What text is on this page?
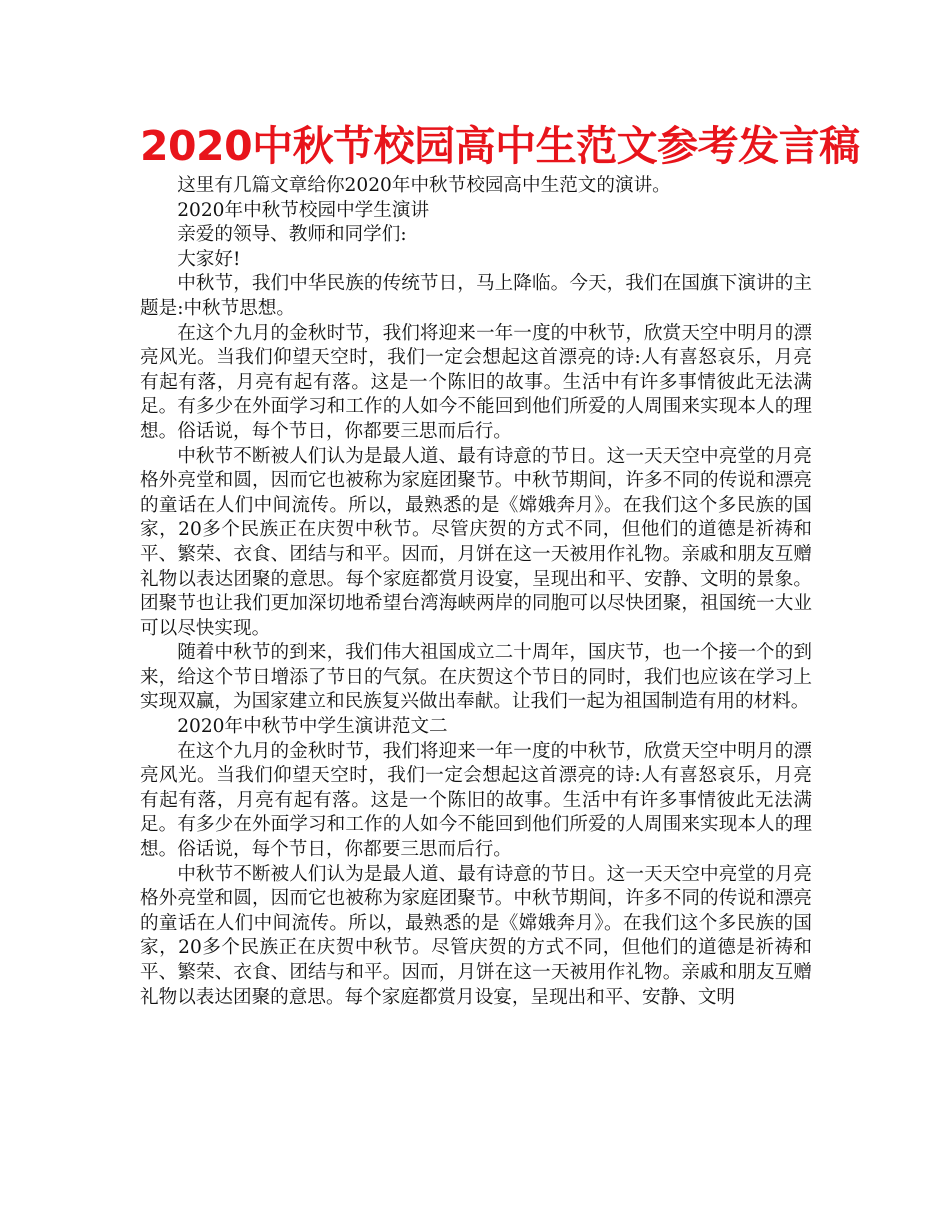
2020中秋节校园高中生范文参考发言稿

这里有几篇文章给你2020年中秋节校园高中生范文的演讲。

2020年中秋节校园中学生演讲

亲爱的领导、教师和同学们:

大家好!

中秋节，我们中华民族的传统节日，马上降临。今天，我们在国旗下演讲的主题是:中秋节思想。

在这个九月的金秋时节，我们将迎来一年一度的中秋节，欣赏天空中明月的漂亮风光。当我们仰望天空时，我们一定会想起这首漂亮的诗:人有喜怒哀乐，月亮有起有落，月亮有起有落。这是一个陈旧的故事。生活中有许多事情彼此无法满足。有多少在外面学习和工作的人如今不能回到他们所爱的人周围来实现本人的理想。俗话说，每个节日，你都要三思而后行。

中秋节不断被人们认为是最人道、最有诗意的节日。这一天天空中亮堂的月亮格外亮堂和圆，因而它也被称为家庭团聚节。中秋节期间，许多不同的传说和漂亮的童话在人们中间流传。所以，最熟悉的是《嫦娥奔月》。在我们这个多民族的国家，20多个民族正在庆贺中秋节。尽管庆贺的方式不同，但他们的道德是祈祷和平、繁荣、衣食、团结与和平。因而，月饼在这一天被用作礼物。亲戚和朋友互赠礼物以表达团聚的意思。每个家庭都赏月设宴，呈现出和平、安静、文明的景象。团聚节也让我们更加深切地希望台湾海峡两岸的同胞可以尽快团聚，祖国统一大业可以尽快实现。

随着中秋节的到来，我们伟大祖国成立二十周年，国庆节，也一个接一个的到来，给这个节日增添了节日的气氛。在庆贺这个节日的同时，我们也应该在学习上实现双赢，为国家建立和民族复兴做出奉献。让我们一起为祖国制造有用的材料。

2020年中秋节中学生演讲范文二

在这个九月的金秋时节，我们将迎来一年一度的中秋节，欣赏天空中明月的漂亮风光。当我们仰望天空时，我们一定会想起这首漂亮的诗:人有喜怒哀乐，月亮有起有落，月亮有起有落。这是一个陈旧的故事。生活中有许多事情彼此无法满足。有多少在外面学习和工作的人如今不能回到他们所爱的人周围来实现本人的理想。俗话说，每个节日，你都要三思而后行。

中秋节不断被人们认为是最人道、最有诗意的节日。这一天天空中亮堂的月亮格外亮堂和圆，因而它也被称为家庭团聚节。中秋节期间，许多不同的传说和漂亮的童话在人们中间流传。所以，最熟悉的是《嫦娥奔月》。在我们这个多民族的国家，20多个民族正在庆贺中秋节。尽管庆贺的方式不同，但他们的道德是祈祷和平、繁荣、衣食、团结与和平。因而，月饼在这一天被用作礼物。亲戚和朋友互赠礼物以表达团聚的意思。每个家庭都赏月设宴，呈现出和平、安静、文明
